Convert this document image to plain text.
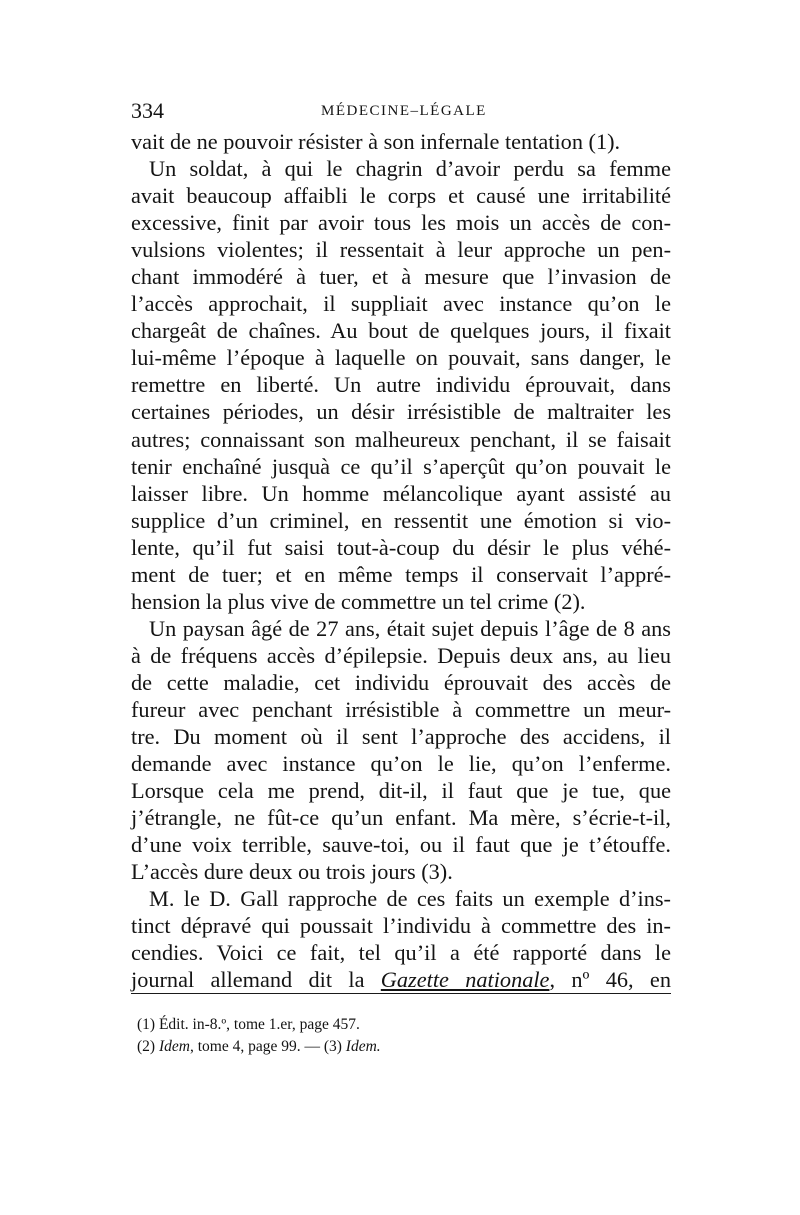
334	MÉDECINE–LÉGALE
vait de ne pouvoir résister à son infernale tentation (1).
Un soldat, à qui le chagrin d’avoir perdu sa femme
avait beaucoup affaibli le corps et causé une irritabilité
excessive, finit par avoir tous les mois un accès de con-
vulsions violentes; il ressentait à leur approche un pen-
chant immodéré à tuer, et à mesure que l’invasion de
l’accès approchait, il suppliait avec instance qu’on le
chargeât de chaînes. Au bout de quelques jours, il fixait
lui-même l’époque à laquelle on pouvait, sans danger, le
remettre en liberté. Un autre individu éprouvait, dans
certaines périodes, un désir irrésistible de maltraiter les
autres; connaissant son malheureux penchant, il se faisait
tenir enchaîné jusquà ce qu’il s’aperçût qu’on pouvait le
laisser libre. Un homme mélancolique ayant assisté au
supplice d’un criminel, en ressentit une émotion si vio-
lente, qu’il fut saisi tout-à-coup du désir le plus véhé-
ment de tuer; et en même temps il conservait l’appré-
hension la plus vive de commettre un tel crime (2).
Un paysan âgé de 27 ans, était sujet depuis l’âge de 8 ans
à de fréquens accès d’épilepsie. Depuis deux ans, au lieu
de cette maladie, cet individu éprouvait des accès de
fureur avec penchant irrésistible à commettre un meur-
tre. Du moment où il sent l’approche des accidens, il
demande avec instance qu’on le lie, qu’on l’enferme.
Lorsque cela me prend, dit-il, il faut que je tue, que
j’étrangle, ne fût-ce qu’un enfant. Ma mère, s’écrie-t-il,
d’une voix terrible, sauve-toi, ou il faut que je t’étouffe.
L’accès dure deux ou trois jours (3).
M. le D. Gall rapproche de ces faits un exemple d’ins-
tinct dépravé qui poussait l’individu à commettre des in-
cendies. Voici ce fait, tel qu’il a été rapporté dans le
journal allemand dit la Gazette nationale, nº 46, en
(1) Édit. in-8.º, tome 1.er, page 457.
(2) Idem, tome 4, page 99. — (3) Idem.
